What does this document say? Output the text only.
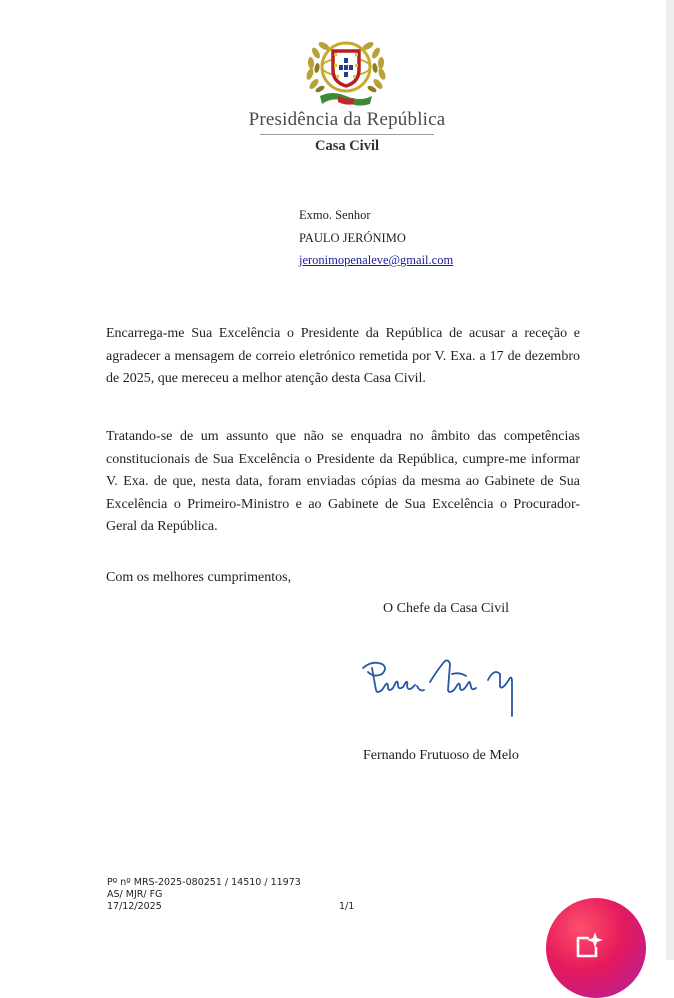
Presidência da República
Casa Civil
Exmo. Senhor
PAULO JERÓNIMO
jeronimopenaleve@gmail.com

Encarrega-me Sua Excelência o Presidente da República de acusar a receção e agradecer a mensagem de correio eletrónico remetida por V. Exa. a 17 de dezembro de 2025, que mereceu a melhor atenção desta Casa Civil.

Tratando-se de um assunto que não se enquadra no âmbito das competências constitucionais de Sua Excelência o Presidente da República, cumpre-me informar V. Exa. de que, nesta data, foram enviadas cópias da mesma ao Gabinete de Sua Excelência o Primeiro-Ministro e ao Gabinete de Sua Excelência o Procurador-Geral da República.

Com os melhores cumprimentos,
O Chefe da Casa Civil
Fernando Frutuoso de Melo
Pº nº MRS-2025-080251 / 14510 / 11973
AS/ MJR/ FG
17/12/2025	1/1
